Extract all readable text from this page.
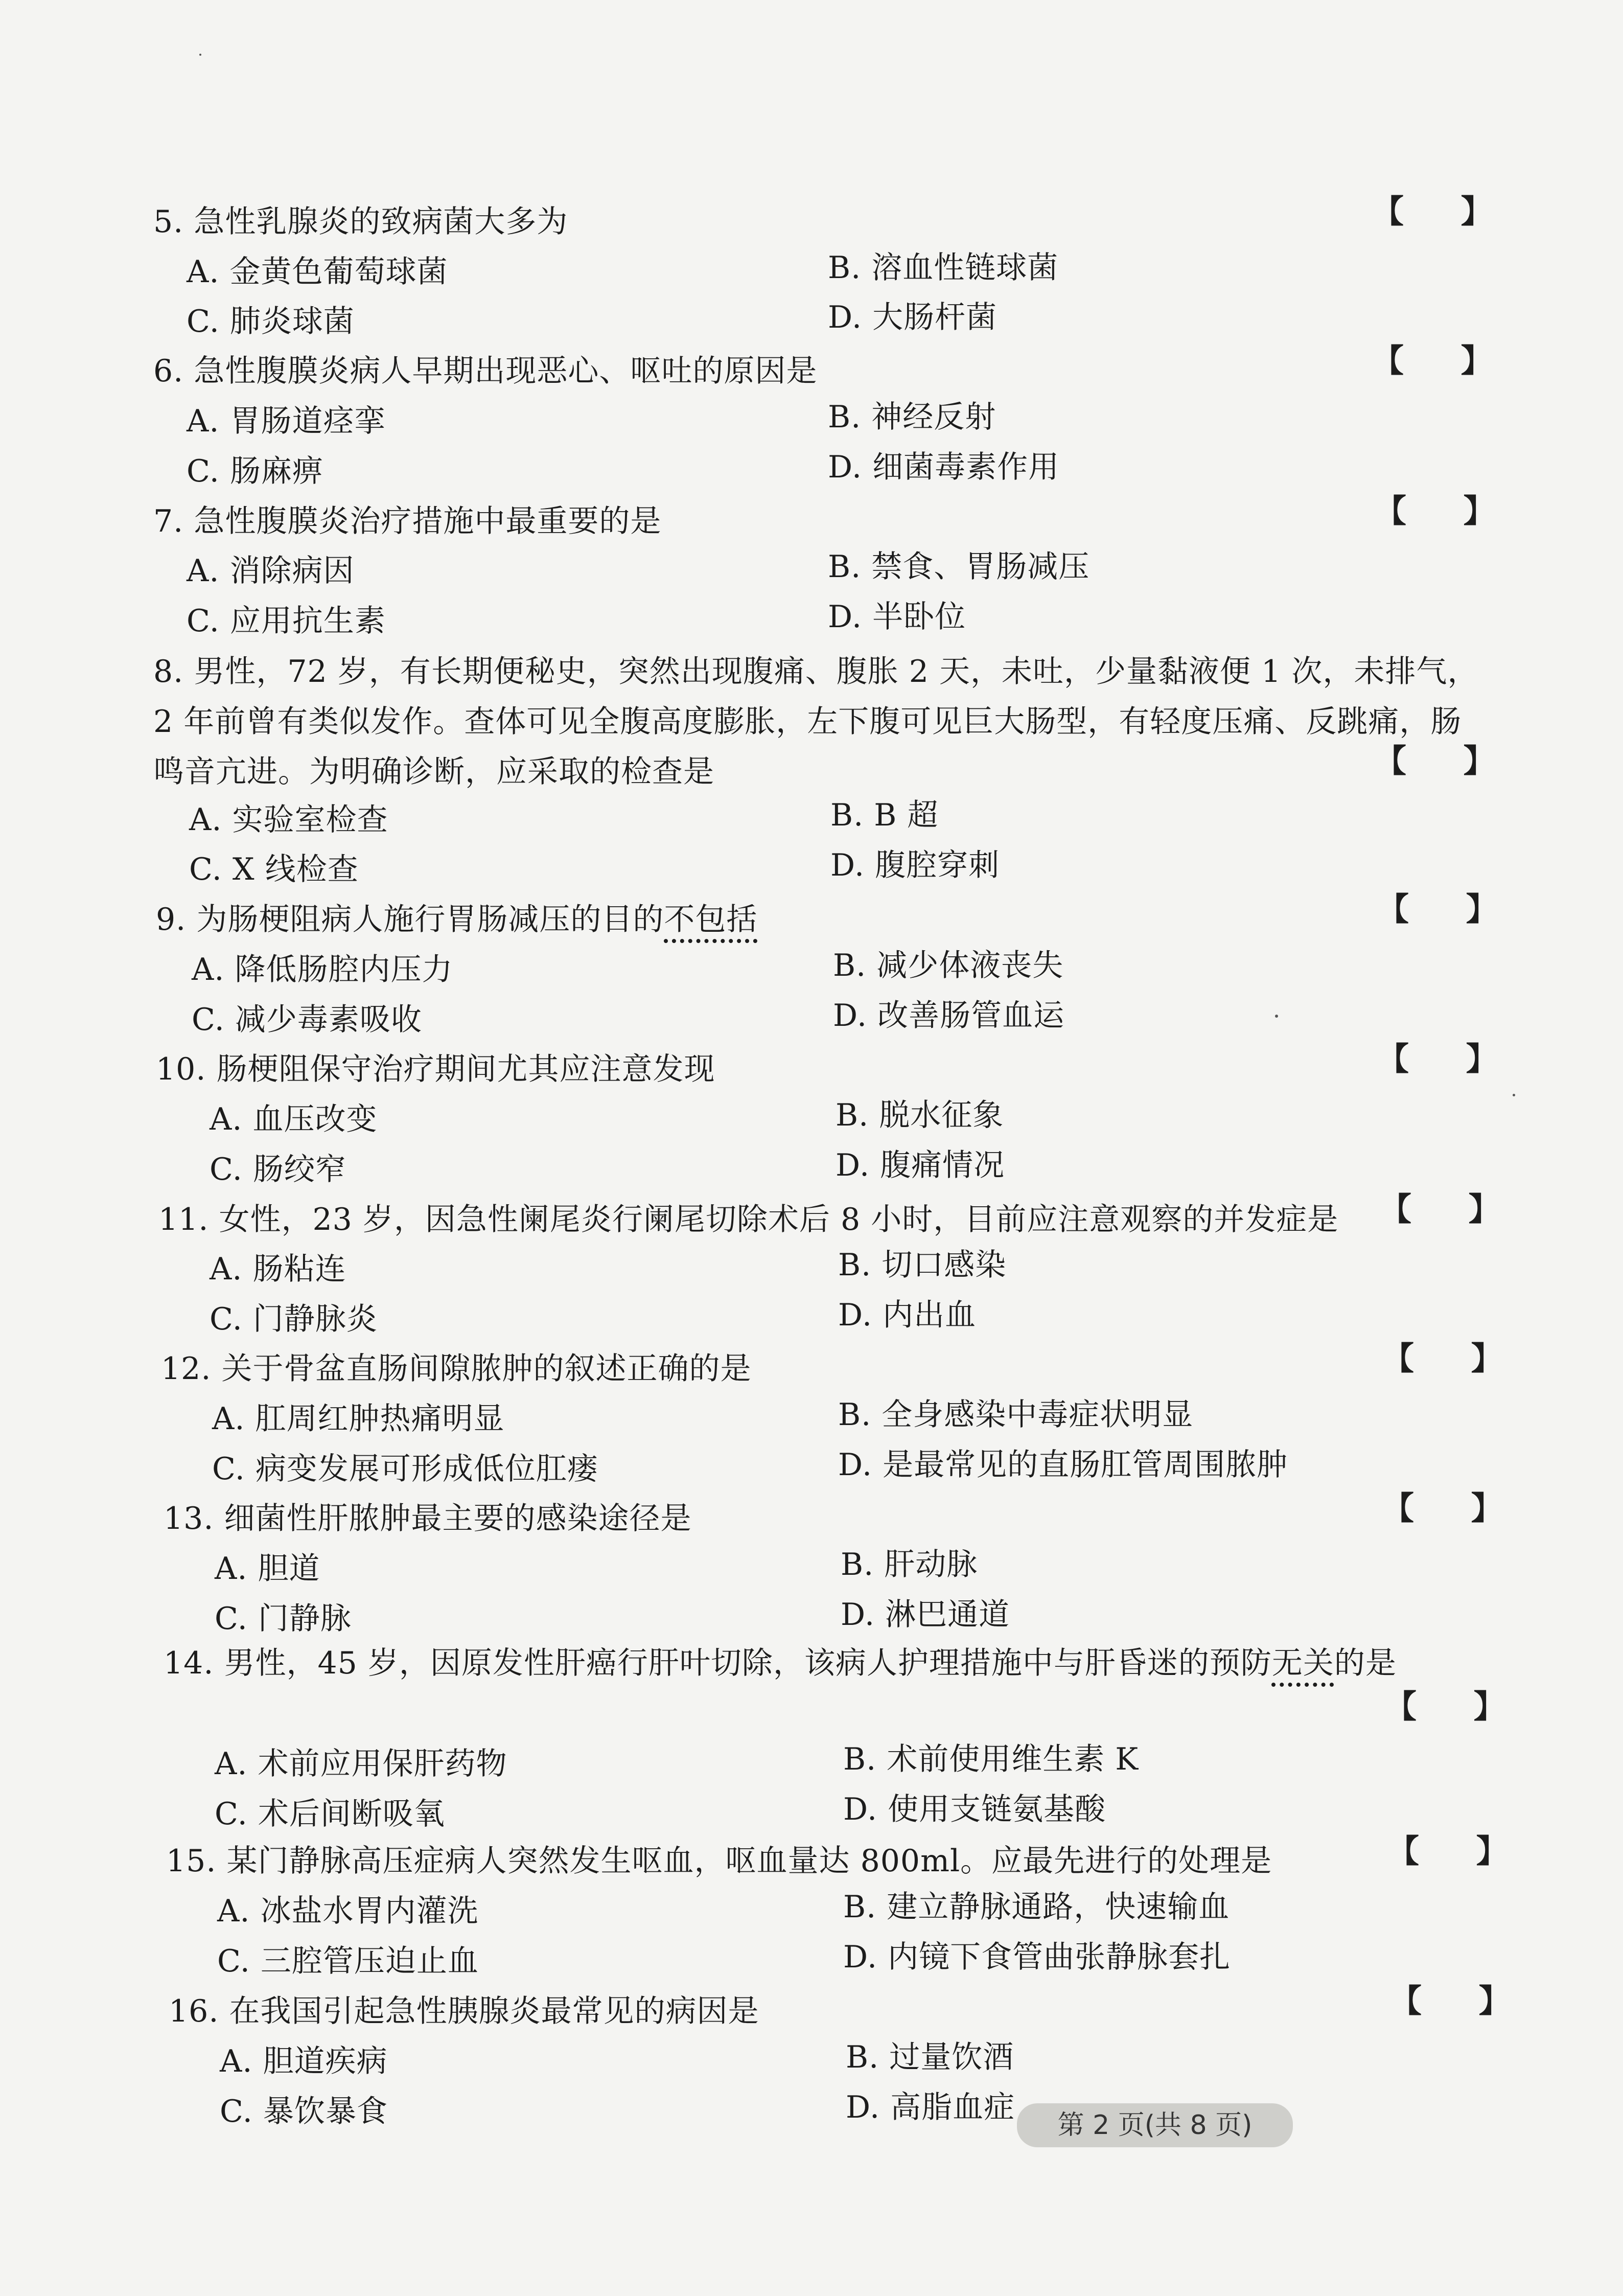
5. 急性乳腺炎的致病菌大多为	【 】
A. 金黄色葡萄球菌	B. 溶血性链球菌
C. 肺炎球菌	D. 大肠杆菌
6. 急性腹膜炎病人早期出现恶心、呕吐的原因是	【 】
A. 胃肠道痉挛	B. 神经反射
C. 肠麻痹	D. 细菌毒素作用
7. 急性腹膜炎治疗措施中最重要的是	【 】
A. 消除病因	B. 禁食、胃肠减压
C. 应用抗生素	D. 半卧位
8. 男性，72 岁，有长期便秘史，突然出现腹痛、腹胀 2 天，未吐，少量黏液便 1 次，未排气，2 年前曾有类似发作。查体可见全腹高度膨胀，左下腹可见巨大肠型，有轻度压痛、反跳痛，肠鸣音亢进。为明确诊断，应采取的检查是	【 】
A. 实验室检查	B. B 超
C. X 线检查	D. 腹腔穿刺
9. 为肠梗阻病人施行胃肠减压的目的不包括	【 】
A. 降低肠腔内压力	B. 减少体液丧失
C. 减少毒素吸收	D. 改善肠管血运
10. 肠梗阻保守治疗期间尤其应注意发现	【 】
A. 血压改变	B. 脱水征象
C. 肠绞窄	D. 腹痛情况
11. 女性，23 岁，因急性阑尾炎行阑尾切除术后 8 小时，目前应注意观察的并发症是 【 】
A. 肠粘连	B. 切口感染
C. 门静脉炎	D. 内出血
12. 关于骨盆直肠间隙脓肿的叙述正确的是	【 】
A. 肛周红肿热痛明显	B. 全身感染中毒症状明显
C. 病变发展可形成低位肛瘘	D. 是最常见的直肠肛管周围脓肿
13. 细菌性肝脓肿最主要的感染途径是	【 】
A. 胆道	B. 肝动脉
C. 门静脉	D. 淋巴通道
14. 男性，45 岁，因原发性肝癌行肝叶切除，该病人护理措施中与肝昏迷的预防无关的是
【 】
A. 术前应用保肝药物	B. 术前使用维生素 K
C. 术后间断吸氧	D. 使用支链氨基酸
15. 某门静脉高压症病人突然发生呕血，呕血量达 800ml。应最先进行的处理是	【 】
A. 冰盐水胃内灌洗	B. 建立静脉通路，快速输血
C. 三腔管压迫止血	D. 内镜下食管曲张静脉套扎
16. 在我国引起急性胰腺炎最常见的病因是	【 】
A. 胆道疾病	B. 过量饮酒
C. 暴饮暴食	D. 高脂血症	第 2 页(共 8 页)
